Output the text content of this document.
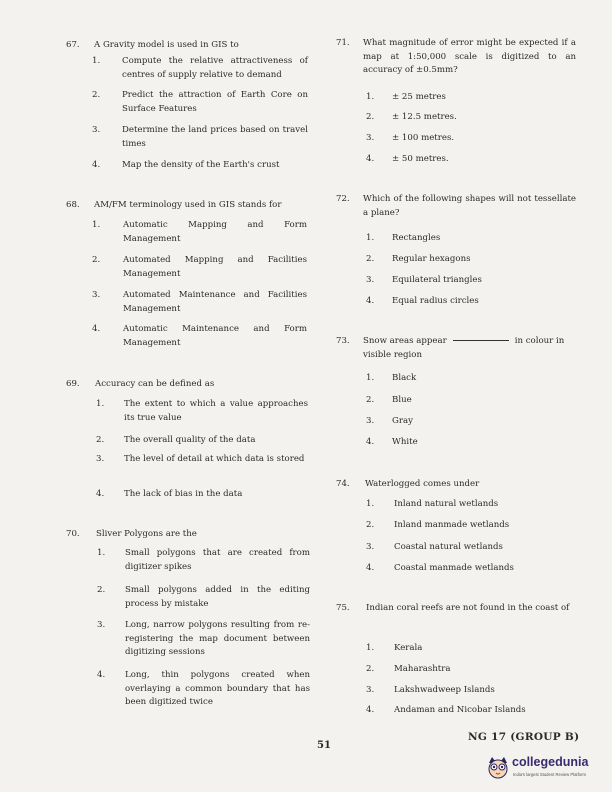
67. A Gravity model is used in GIS to
1.	Compute the relative attractiveness of centres of supply relative to demand
2.	Predict the attraction of Earth Core on Surface Features
3.	Determine the land prices based on travel times
4.	Map the density of the Earth's crust
68. AM/FM terminology used in GIS stands for
1.	Automatic Mapping and Form Management
2.	Automated Mapping and Facilities Management
3.	Automated Maintenance and Facilities Management
4.	Automatic Maintenance and Form Management
69. Accuracy can be defined as
1. The extent to which a value approaches its true value
2. The overall quality of the data
3. The level of detail at which data is stored
4. The lack of bias in the data
70. Sliver Polygons are the
1. Small polygons that are created from digitizer spikes
2. Small polygons added in the editing process by mistake
3. Long, narrow polygons resulting from re-registering the map document between digitizing sessions
4. Long, thin polygons created when overlaying a common boundary that has been digitized twice
71. What magnitude of error might be expected if a map at 1:50,000 scale is digitized to an accuracy of ±0.5mm?
1. ± 25 metres
2. ± 12.5 metres.
3. ± 100 metres.
4. ± 50 metres.
72. Which of the following shapes will not tessellate a plane?
1. Rectangles
2. Regular hexagons
3. Equilateral triangles
4. Equal radius circles
73. Snow areas appear	in colour in
visible region
1. Black
2. Blue
3. Gray
4. White
74. Waterlogged comes under
1. Inland natural wetlands
2. Inland manmade wetlands
3. Coastal natural wetlands
4. Coastal manmade wetlands
75. Indian coral reefs are not found in the coast of
1. Kerala
2. Maharashtra
3. Lakshwadweep Islands
4. Andaman and Nicobar Islands
NG 17 (GROUP B)
51
collegedunia
India's largest Student Review Platform
